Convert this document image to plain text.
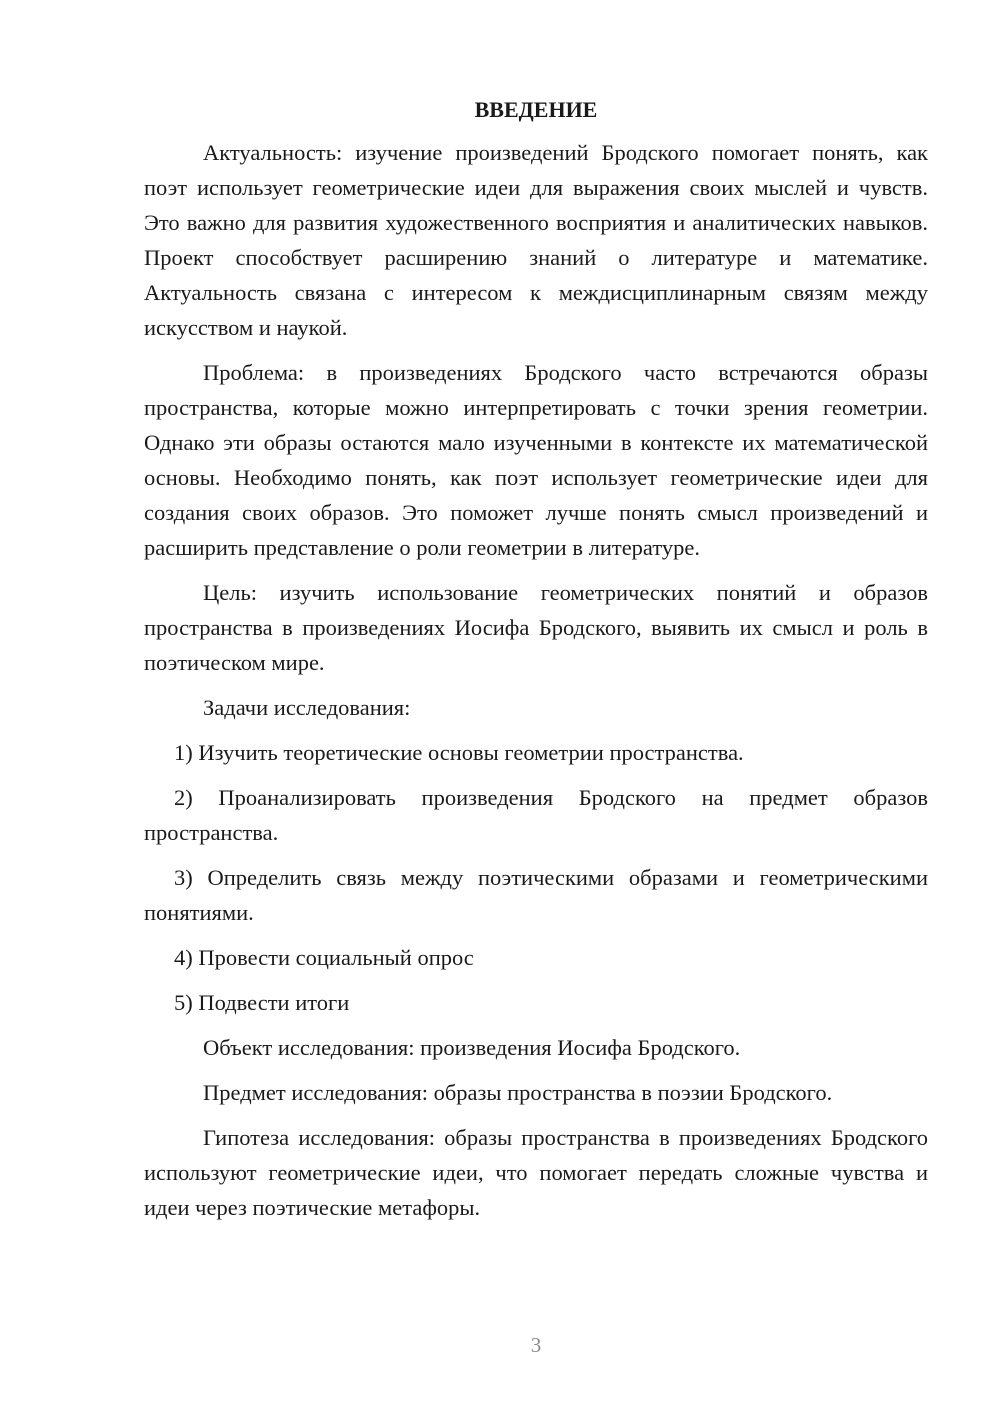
ВВЕДЕНИЕ

Актуальность: изучение произведений Бродского помогает понять, как поэт использует геометрические идеи для выражения своих мыслей и чувств. Это важно для развития художественного восприятия и аналитических навыков. Проект способствует расширению знаний о литературе и математике. Актуальность связана с интересом к междисциплинарным связям между искусством и наукой.

Проблема: в произведениях Бродского часто встречаются образы пространства, которые можно интерпретировать с точки зрения геометрии. Однако эти образы остаются мало изученными в контексте их математической основы. Необходимо понять, как поэт использует геометрические идеи для создания своих образов. Это поможет лучше понять смысл произведений и расширить представление о роли геометрии в литературе.

Цель: изучить использование геометрических понятий и образов пространства в произведениях Иосифа Бродского, выявить их смысл и роль в поэтическом мире.

Задачи исследования:

1) Изучить теоретические основы геометрии пространства.

2) Проанализировать произведения Бродского на предмет образов пространства.

3) Определить связь между поэтическими образами и геометрическими понятиями.

4) Провести социальный опрос

5) Подвести итоги

Объект исследования: произведения Иосифа Бродского.

Предмет исследования: образы пространства в поэзии Бродского.

Гипотеза исследования: образы пространства в произведениях Бродского используют геометрические идеи, что помогает передать сложные чувства и идеи через поэтические метафоры.

3
